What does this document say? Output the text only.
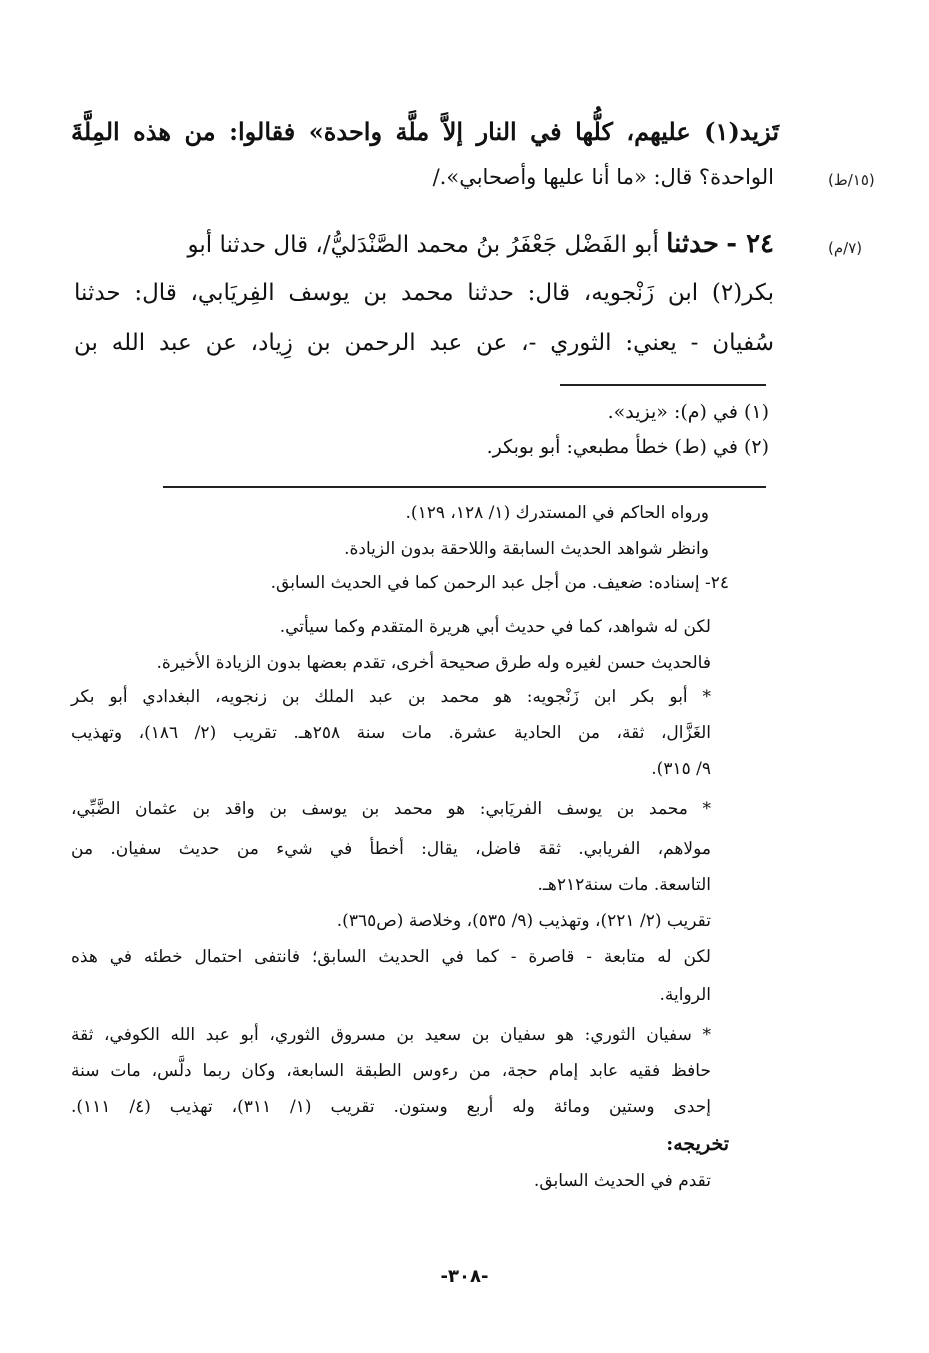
(١٥/ط)
(٧/م)
تَزيد(١) عليهم، كلُّها في النار إلاَّ ملَّة واحدة» فقالوا: من هذه المِلَّةَ
الواحدة؟ قال: «ما أنا عليها وأصحابي»./
٢٤ - حدثنا أبو الفَضْل جَعْفَرُ بنُ محمد الصَّنْدَليُّ/، قال حدثنا أبو
بكر(٢) ابن زَنْجويه، قال: حدثنا محمد بن يوسف الفِريَابي، قال: حدثنا
سُفيان - يعني: الثوري -، عن عبد الرحمن بن زِياد، عن عبد الله بن
(١) في (م): «يزيد».
(٢) في (ط) خطأ مطبعي: أبو بوبكر.
ورواه الحاكم في المستدرك (١/ ١٢٨، ١٢٩).
وانظر شواهد الحديث السابقة واللاحقة بدون الزيادة.
٢٤- إسناده: ضعيف. من أجل عبد الرحمن كما في الحديث السابق.
لكن له شواهد، كما في حديث أبي هريرة المتقدم وكما سيأتي.
فالحديث حسن لغيره وله طرق صحيحة أخرى، تقدم بعضها بدون الزيادة الأخيرة.
* أبو بكر ابن زَنْجويه: هو محمد بن عبد الملك بن زنجويه، البغدادي أبو بكر
الغَزَّال، ثقة، من الحادية عشرة. مات سنة ٢٥٨هـ. تقريب (٢/ ١٨٦)، وتهذيب
٩/ ٣١٥).
* محمد بن يوسف الفريَابي: هو محمد بن يوسف بن واقد بن عثمان الضَّبِّي،
مولاهم، الفريابي. ثقة فاضل، يقال: أخطأ في شيء من حديث سفيان. من
التاسعة. مات سنة٢١٢هـ.
تقريب (٢/ ٢٢١)، وتهذيب (٩/ ٥٣٥)، وخلاصة (ص٣٦٥).
لكن له متابعة - قاصرة - كما في الحديث السابق؛ فانتفى احتمال خطئه في هذه
الرواية.
* سفيان الثوري: هو سفيان بن سعيد بن مسروق الثوري، أبو عبد الله الكوفي، ثقة
حافظ فقيه عابد إمام حجة، من رءوس الطبقة السابعة، وكان ربما دلَّس، مات سنة
إحدى وستين ومائة وله أربع وستون. تقريب (١/ ٣١١)، تهذيب (٤/ ١١١).
تخريجه:
تقدم في الحديث السابق.
-٣٠٨-
